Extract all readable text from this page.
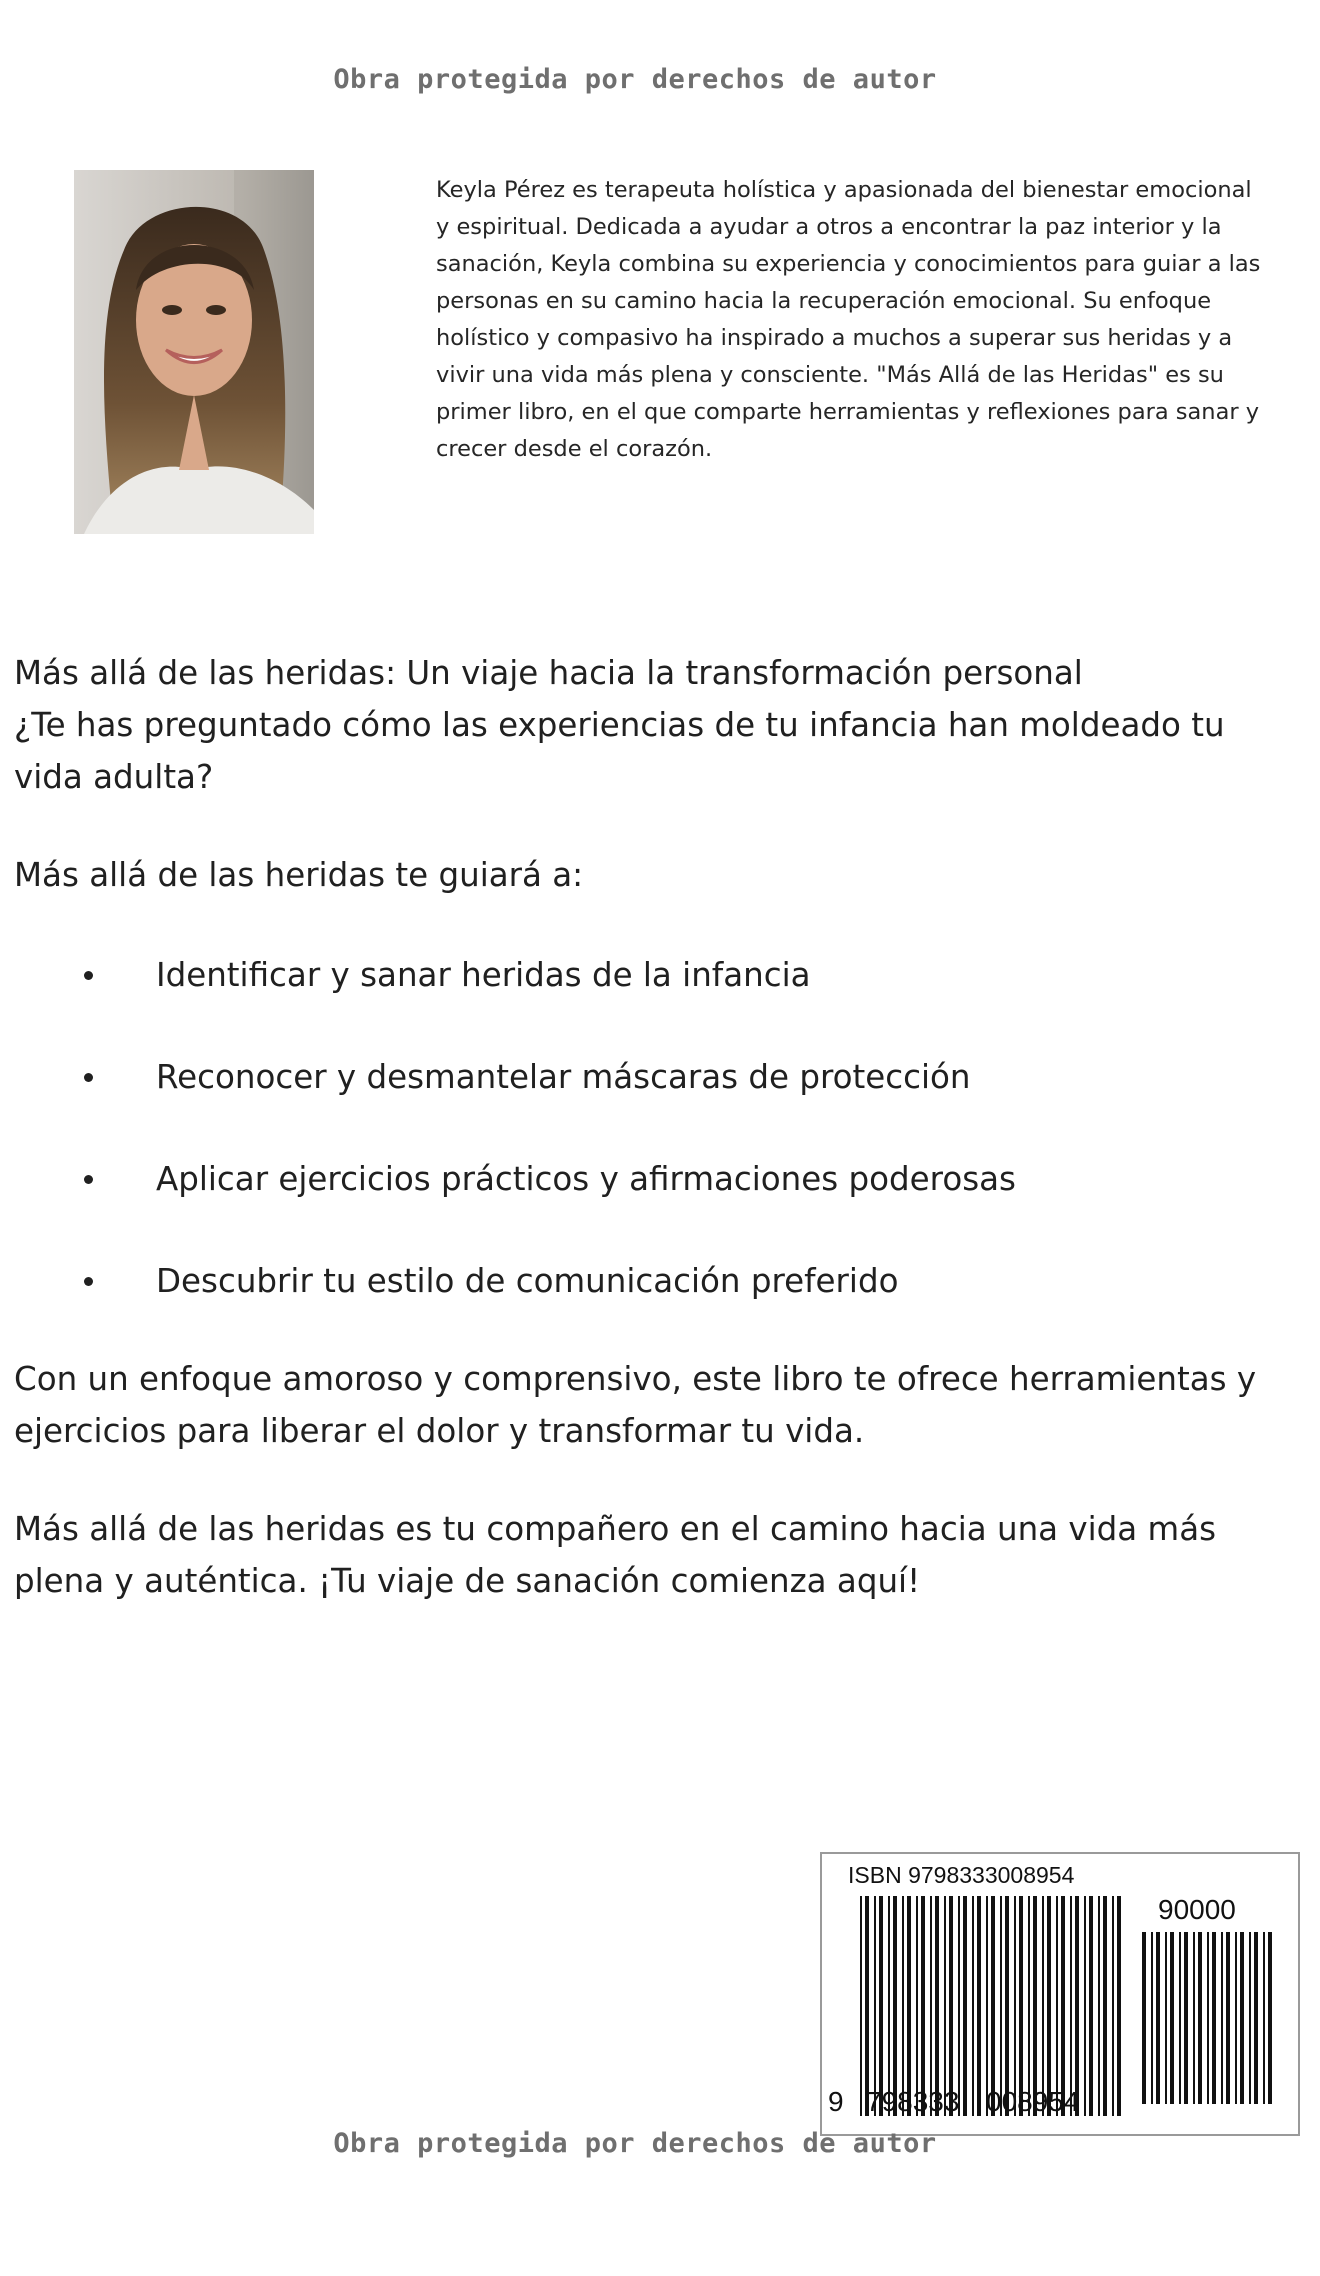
Obra protegida por derechos de autor
Keyla Pérez es terapeuta holística y apasionada del bienestar emocional y espiritual. Dedicada a ayudar a otros a encontrar la paz interior y la sanación, Keyla combina su experiencia y conocimientos para guiar a las personas en su camino hacia la recuperación emocional. Su enfoque holístico y compasivo ha inspirado a muchos a superar sus heridas y a vivir una vida más plena y consciente. "Más Allá de las Heridas" es su primer libro, en el que comparte herramientas y reflexiones para sanar y crecer desde el corazón.

Más allá de las heridas: Un viaje hacia la transformación personal

¿Te has preguntado cómo las experiencias de tu infancia han moldeado tu vida adulta?

Más allá de las heridas te guiará a:

Identificar y sanar heridas de la infancia
Reconocer y desmantelar máscaras de protección
Aplicar ejercicios prácticos y afirmaciones poderosas
Descubrir tu estilo de comunicación preferido

Con un enfoque amoroso y comprensivo, este libro te ofrece herramientas y ejercicios para liberar el dolor y transformar tu vida.

Más allá de las heridas es tu compañero en el camino hacia una vida más plena y auténtica. ¡Tu viaje de sanación comienza aquí!

ISBN 9798333008954
90000
9 798333 008954
Obra protegida por derechos de autor
